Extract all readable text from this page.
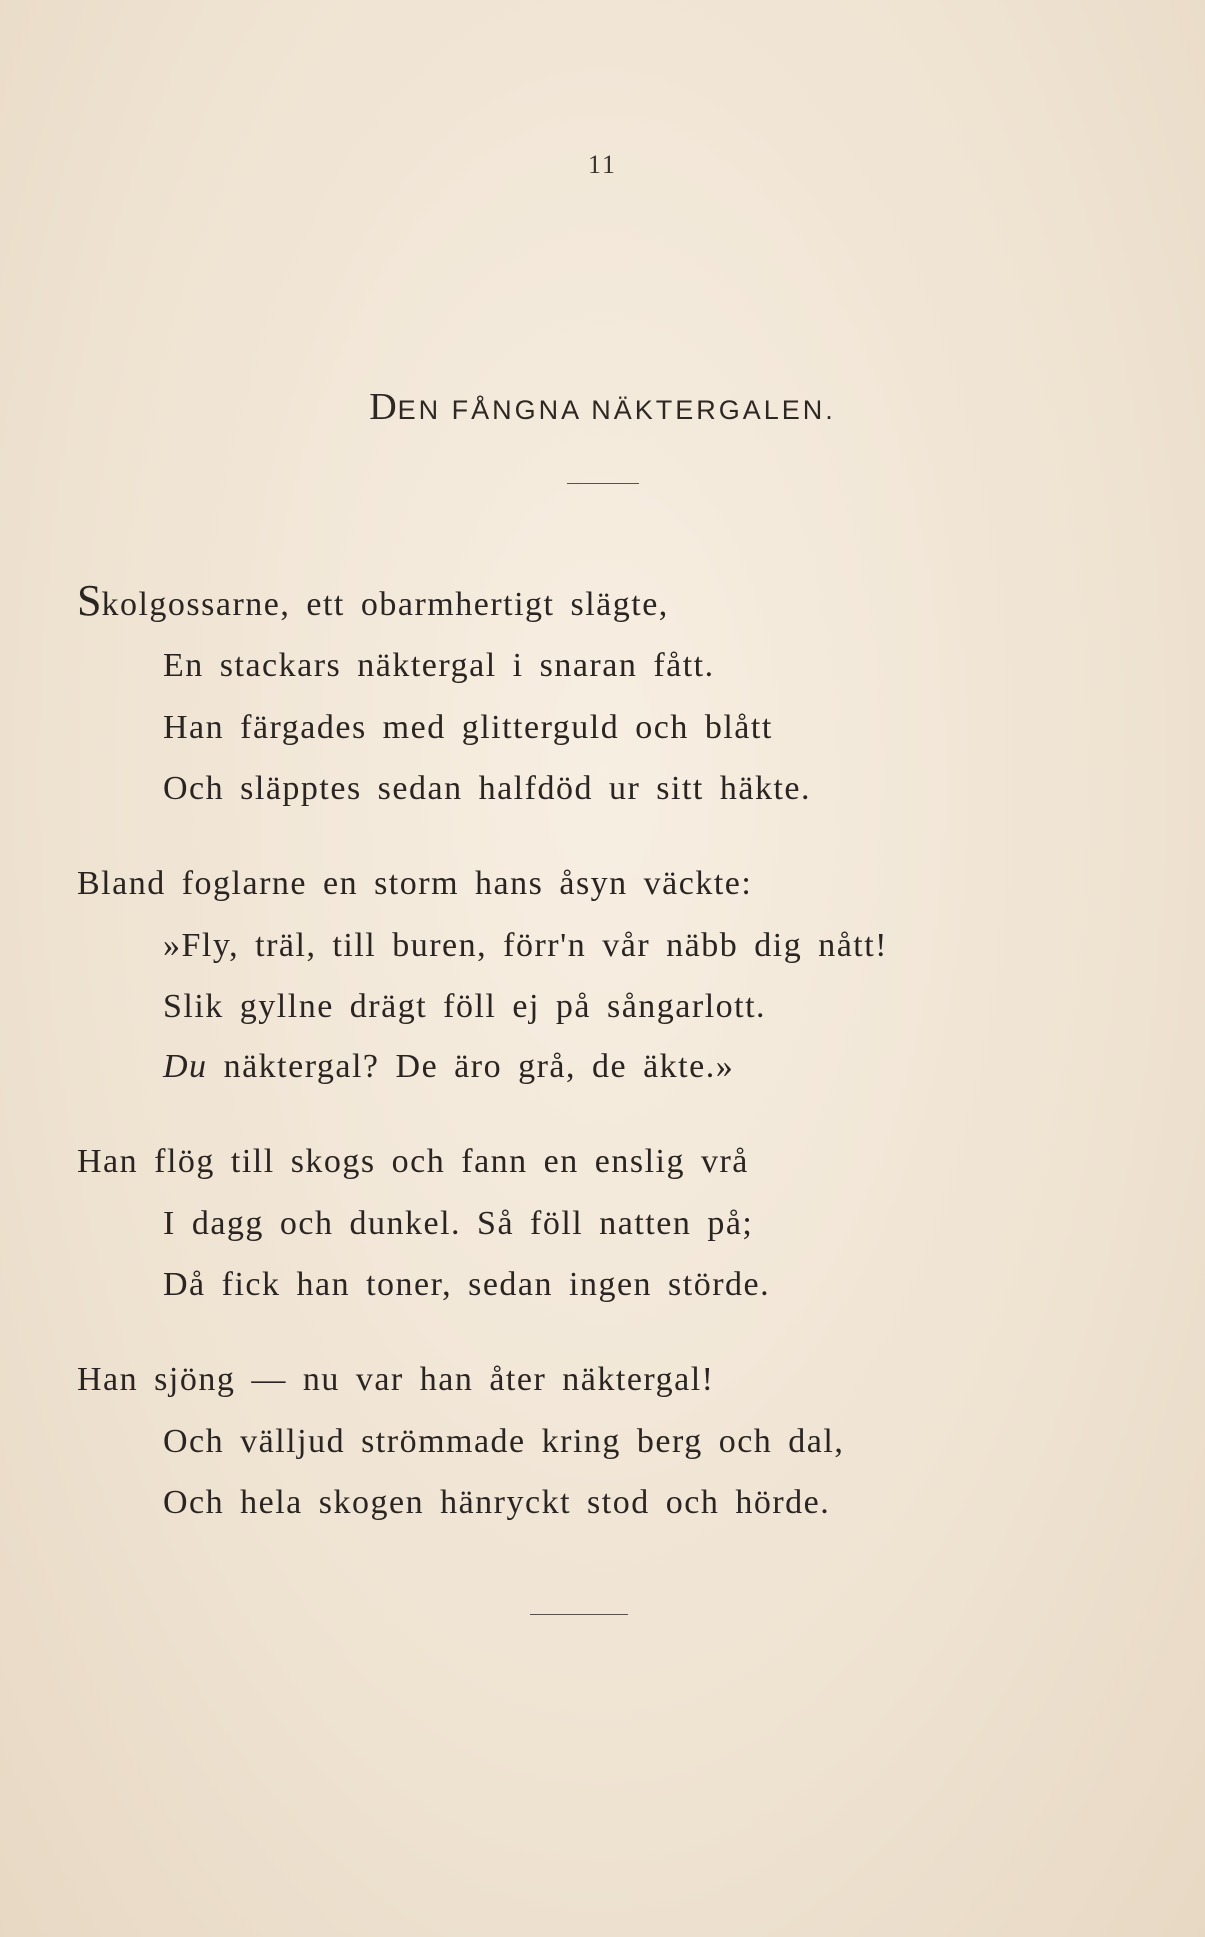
11
DEN FÅNGNA NÄKTERGALEN.
Skolgossarne, ett obarmhertigt slägte,
En stackars näktergal i snaran fått.
Han färgades med glitterguld och blått
Och släpptes sedan halfdöd ur sitt häkte.
Bland foglarne en storm hans åsyn väckte:
»Fly, träl, till buren, förr'n vår näbb dig nått!
Slik gyllne drägt föll ej på sångarlott.
Du näktergal? De äro grå, de äkte.»
Han flög till skogs och fann en enslig vrå
I dagg och dunkel. Så föll natten på;
Då fick han toner, sedan ingen störde.
Han sjöng — nu var han åter näktergal!
Och välljud strömmade kring berg och dal,
Och hela skogen hänryckt stod och hörde.
